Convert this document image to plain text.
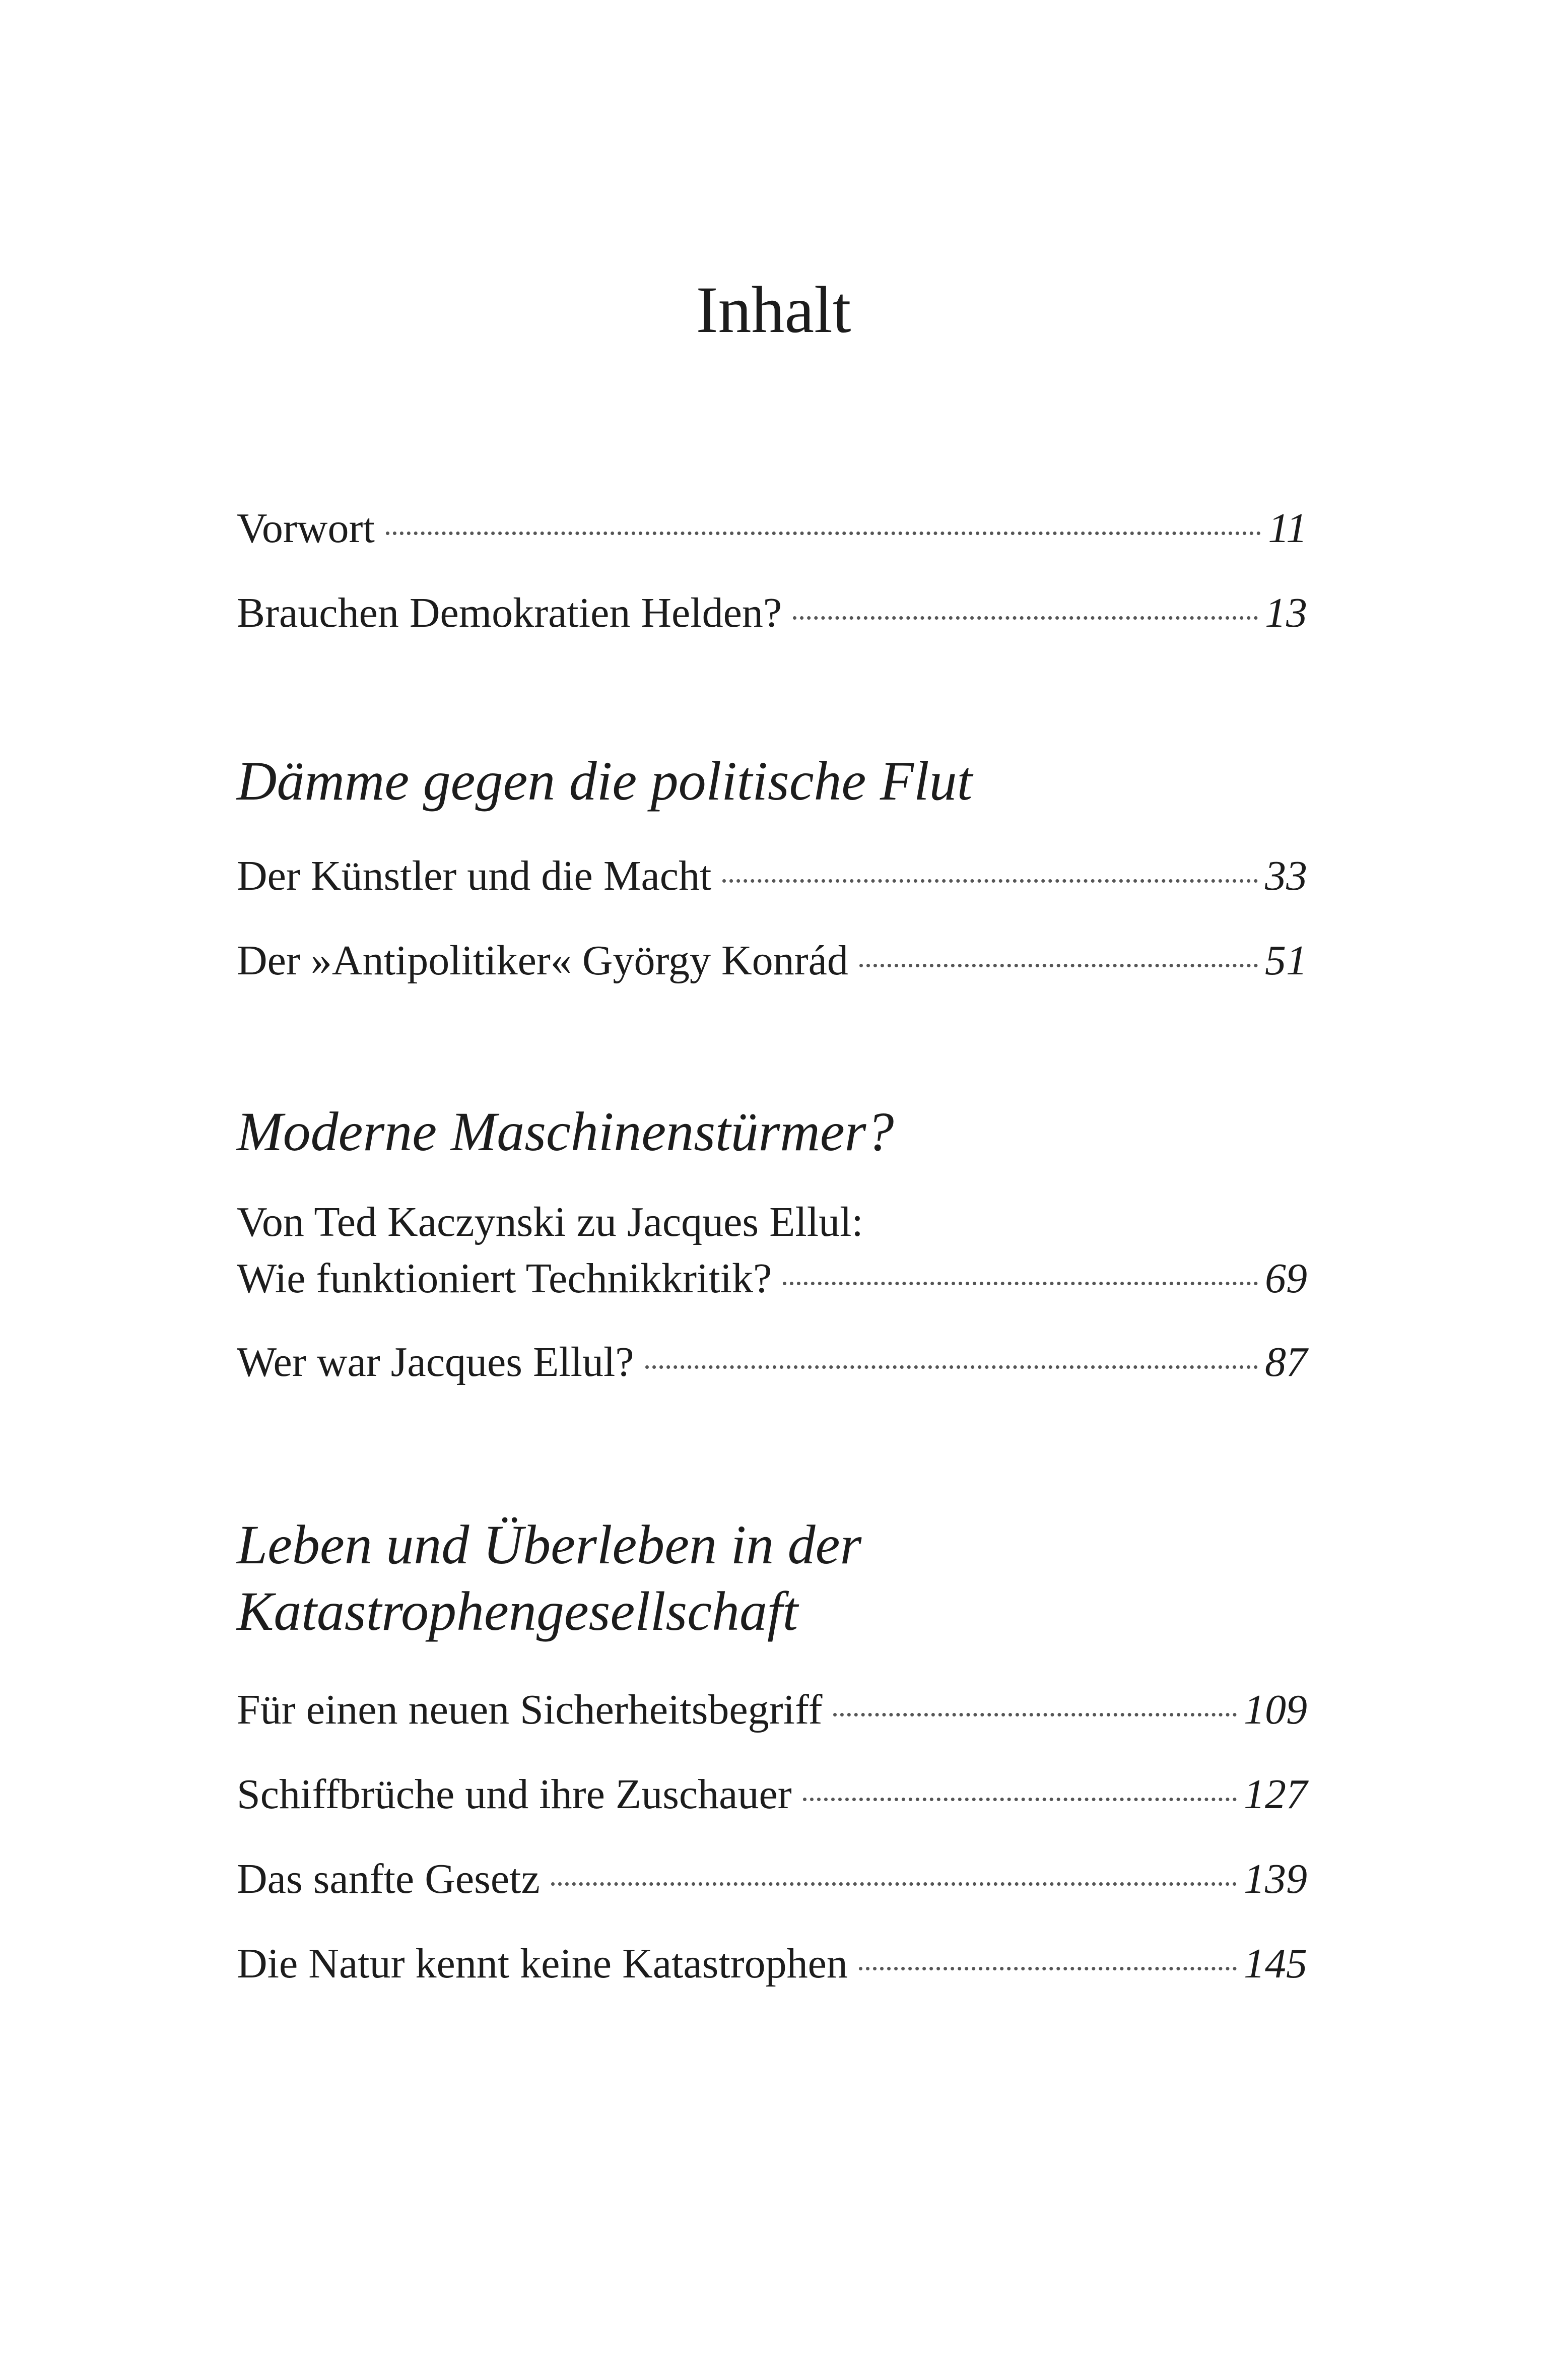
Inhalt
Vorwort	11
Brauchen Demokratien Helden?	13
Dämme gegen die politische Flut
Der Künstler und die Macht	33
Der »Antipolitiker« György Konrád	51
Moderne Maschinenstürmer?
Von Ted Kaczynski zu Jacques Ellul:
Wie funktioniert Technikkritik?	69
Wer war Jacques Ellul?	87
Leben und Überleben in der
Katastrophengesellschaft
Für einen neuen Sicherheitsbegriff	109
Schiffbrüche und ihre Zuschauer	127
Das sanfte Gesetz	139
Die Natur kennt keine Katastrophen	145
